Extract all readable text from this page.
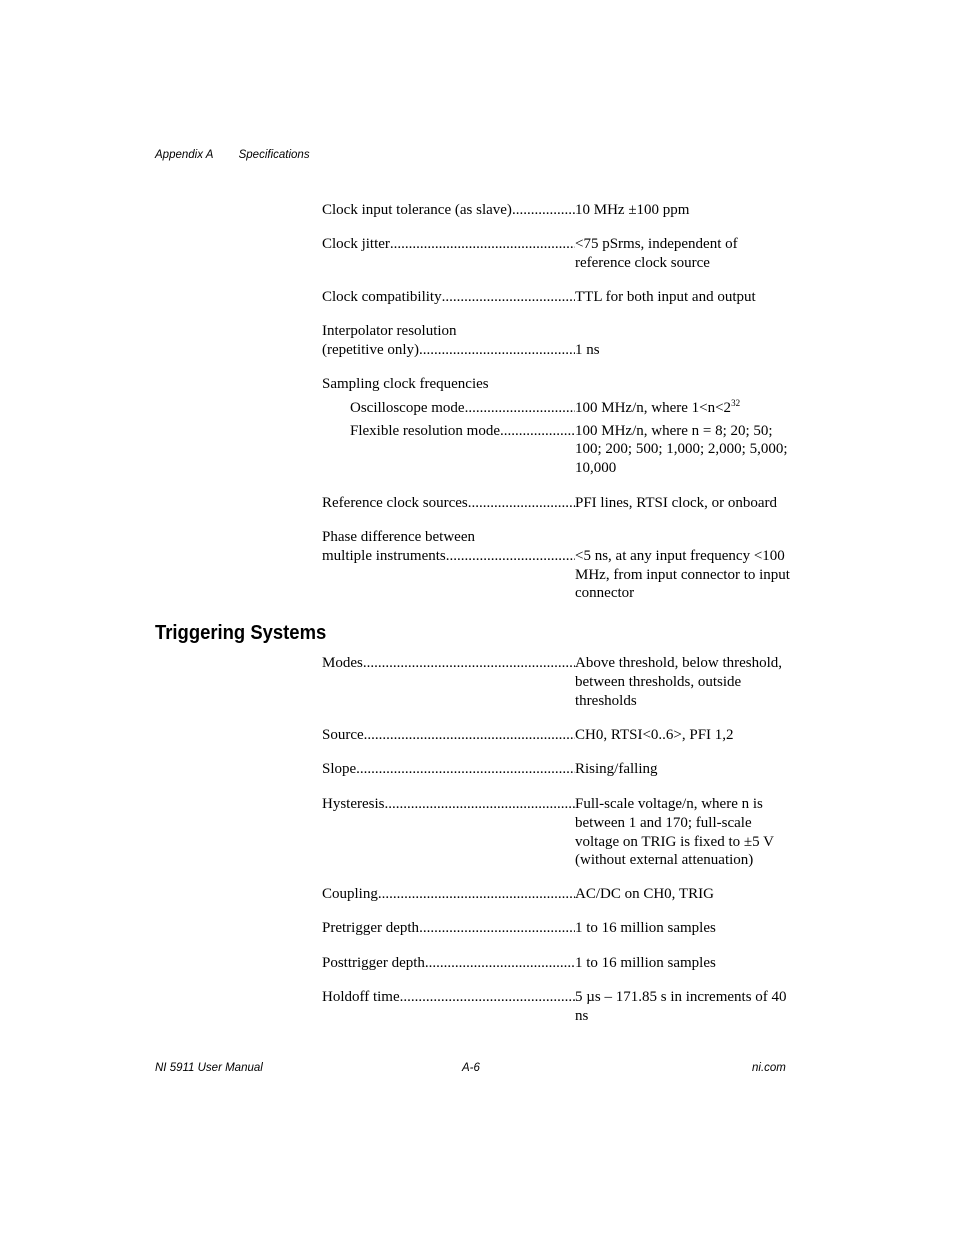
Appendix A Specifications
Clock input tolerance (as slave) .....	10 MHz ±100 ppm
Clock jitter .....	<75 pSrms, independent of reference clock source
Clock compatibility .....	TTL for both input and output
Interpolator resolution
(repetitive only) .....	1 ns
Sampling clock frequencies
Oscilloscope mode .....	100 MHz/n, where $1<n<2^{32}$
Flexible resolution mode .....	100 MHz/n, where n = 8; 20; 50; 100; 200; 500; 1,000; 2,000; 5,000; 10,000
Reference clock sources .....	PFI lines, RTSI clock, or onboard
Phase difference between
multiple instruments .....	<5 ns, at any input frequency <100 MHz, from input connector to input connector
Triggering Systems
Modes .....	Above threshold, below threshold, between thresholds, outside thresholds
Source .....	CH0, RTSI<0..6>, PFI 1,2
Slope .....	Rising/falling
Hysteresis .....	Full-scale voltage/n, where n is between 1 and 170; full-scale voltage on TRIG is fixed to ±5 V (without external attenuation)
Coupling .....	AC/DC on CH0, TRIG
Pretrigger depth .....	1 to 16 million samples
Posttrigger depth .....	1 to 16 million samples
Holdoff time .....	5 µs – 171.85 s in increments of 40 ns
NI 5911 User Manual	A-6	ni.com
